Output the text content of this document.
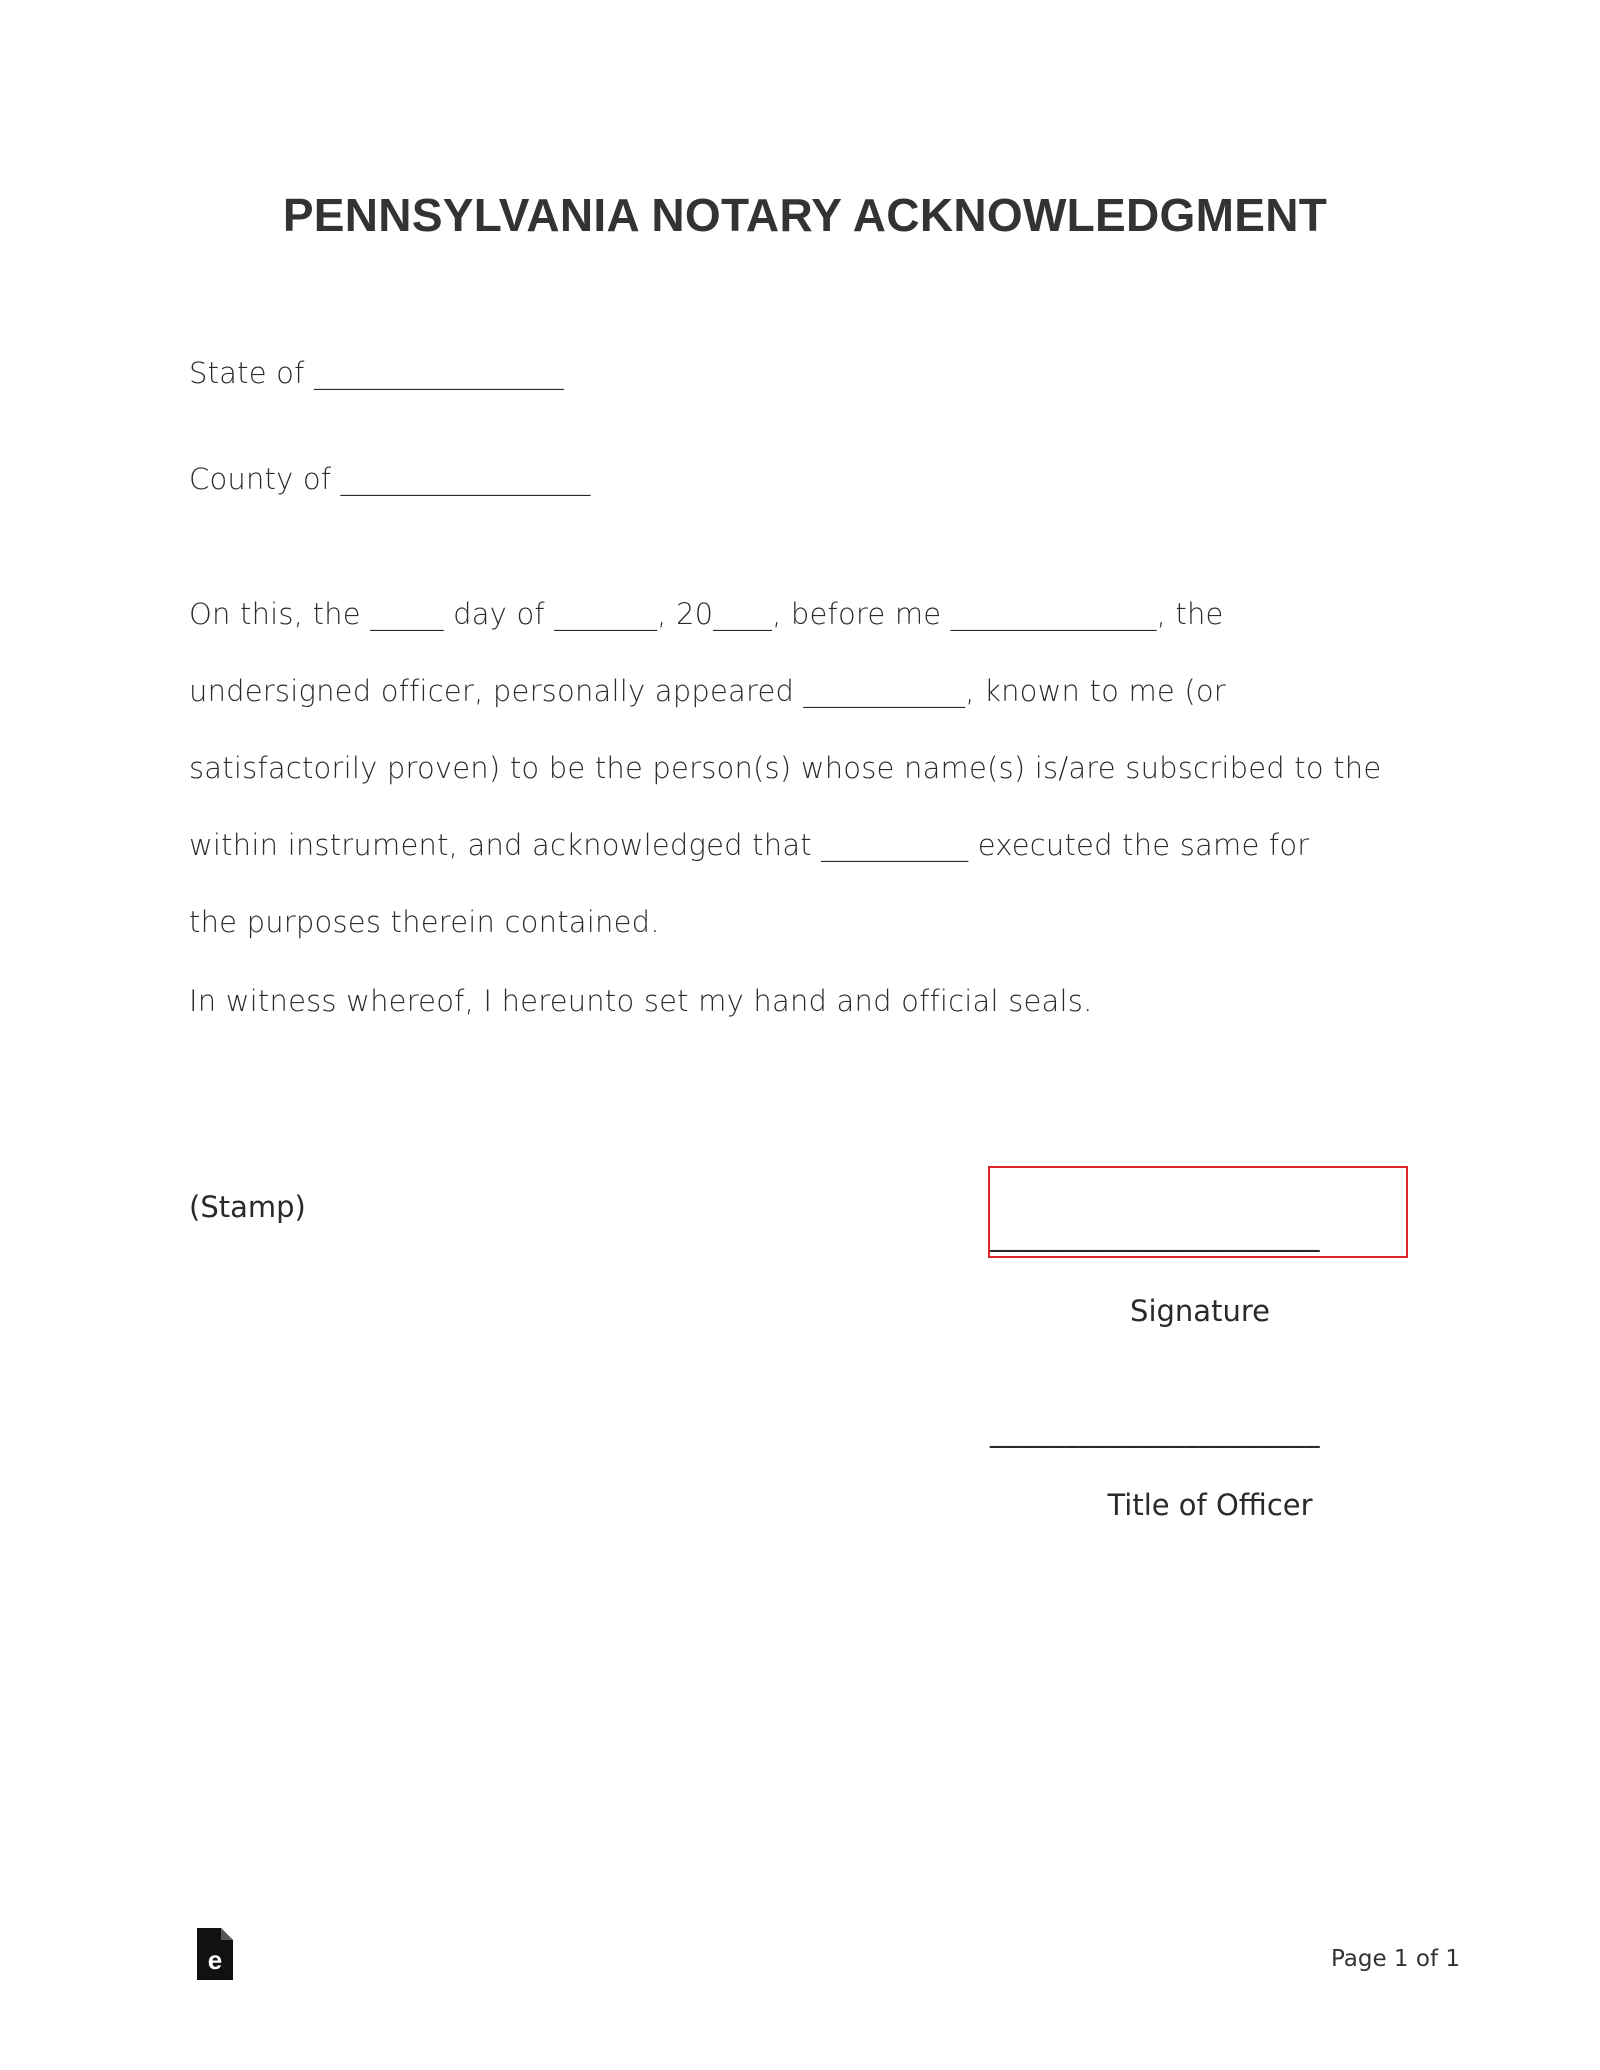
PENNSYLVANIA NOTARY ACKNOWLEDGMENT
State of _________________
County of _________________
On this, the _____ day of _______, 20____, before me ______________, the
undersigned officer, personally appeared ___________, known to me (or
satisfactorily proven) to be the person(s) whose name(s) is/are subscribed to the
within instrument, and acknowledged that __________ executed the same for
the purposes therein contained.
In witness whereof, I hereunto set my hand and official seals.
(Stamp)
______________________
Signature
______________________
Title of Officer
e	Page 1 of 1
